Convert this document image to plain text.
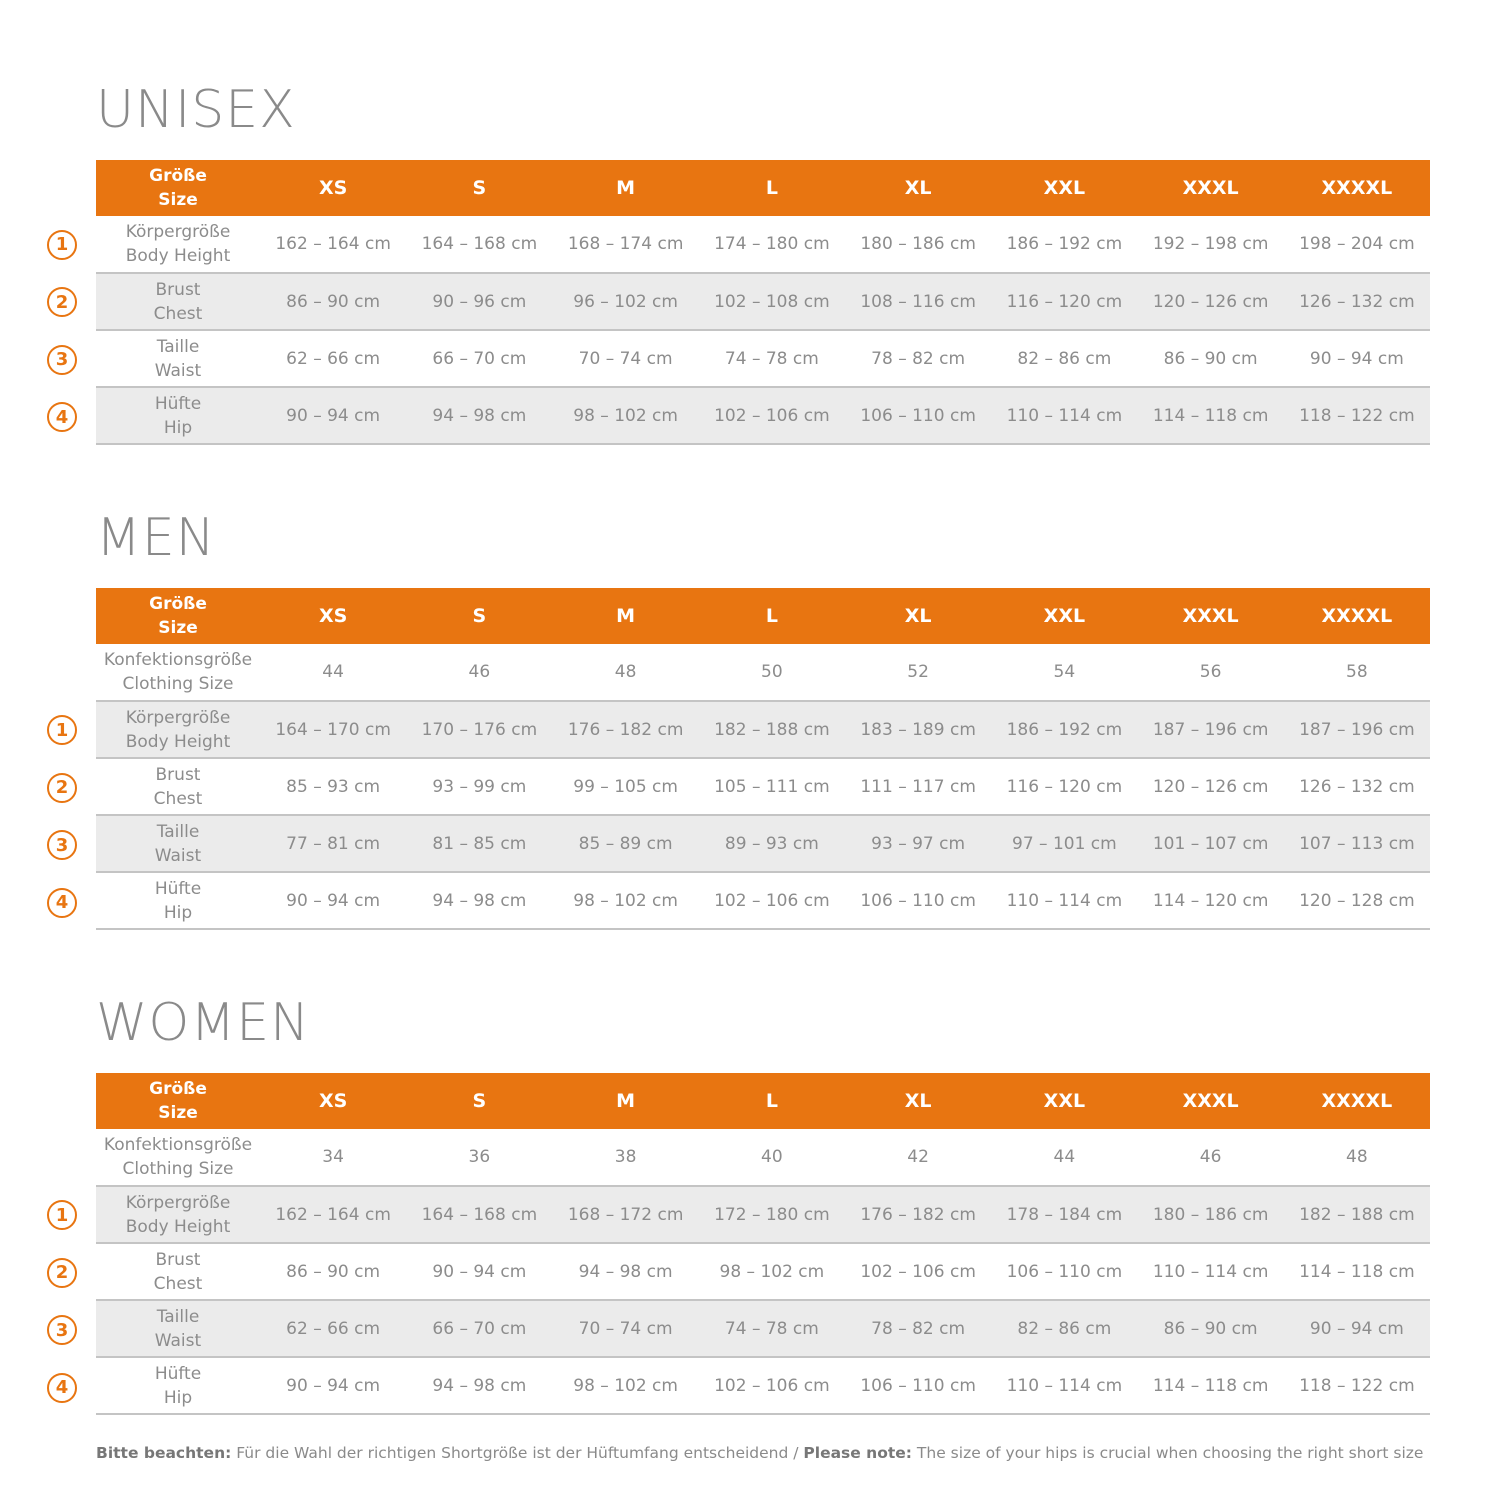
UNISEX
1
2
3
4
Größe
Size	XS	S	M	L	XL	XXL	XXXL	XXXXL

Körpergröße
Body Height	162 – 164 cm	164 – 168 cm	168 – 174 cm	174 – 180 cm	180 – 186 cm	186 – 192 cm	192 – 198 cm	198 – 204 cm

Brust
Chest	86 – 90 cm	90 – 96 cm	96 – 102 cm	102 – 108 cm	108 – 116 cm	116 – 120 cm	120 – 126 cm	126 – 132 cm

Taille
Waist	62 – 66 cm	66 – 70 cm	70 – 74 cm	74 – 78 cm	78 – 82 cm	82 – 86 cm	86 – 90 cm	90 – 94 cm

Hüfte
Hip	90 – 94 cm	94 – 98 cm	98 – 102 cm	102 – 106 cm	106 – 110 cm	110 – 114 cm	114 – 118 cm	118 – 122 cm
MEN
1
2
3
4
Größe
Size	XS	S	M	L	XL	XXL	XXXL	XXXXL

Konfektionsgröße
Clothing Size	44	46	48	50	52	54	56	58

Körpergröße
Body Height	164 – 170 cm	170 – 176 cm	176 – 182 cm	182 – 188 cm	183 – 189 cm	186 – 192 cm	187 – 196 cm	187 – 196 cm

Brust
Chest	85 – 93 cm	93 – 99 cm	99 – 105 cm	105 – 111 cm	111 – 117 cm	116 – 120 cm	120 – 126 cm	126 – 132 cm

Taille
Waist	77 – 81 cm	81 – 85 cm	85 – 89 cm	89 – 93 cm	93 – 97 cm	97 – 101 cm	101 – 107 cm	107 – 113 cm

Hüfte
Hip	90 – 94 cm	94 – 98 cm	98 – 102 cm	102 – 106 cm	106 – 110 cm	110 – 114 cm	114 – 120 cm	120 – 128 cm
WOMEN
1
2
3
4
Größe
Size	XS	S	M	L	XL	XXL	XXXL	XXXXL

Konfektionsgröße
Clothing Size	34	36	38	40	42	44	46	48

Körpergröße
Body Height	162 – 164 cm	164 – 168 cm	168 – 172 cm	172 – 180 cm	176 – 182 cm	178 – 184 cm	180 – 186 cm	182 – 188 cm

Brust
Chest	86 – 90 cm	90 – 94 cm	94 – 98 cm	98 – 102 cm	102 – 106 cm	106 – 110 cm	110 – 114 cm	114 – 118 cm

Taille
Waist	62 – 66 cm	66 – 70 cm	70 – 74 cm	74 – 78 cm	78 – 82 cm	82 – 86 cm	86 – 90 cm	90 – 94 cm

Hüfte
Hip	90 – 94 cm	94 – 98 cm	98 – 102 cm	102 – 106 cm	106 – 110 cm	110 – 114 cm	114 – 118 cm	118 – 122 cm
Bitte beachten: Für die Wahl der richtigen Shortgröße ist der Hüftumfang entscheidend / Please note: The size of your hips is crucial when choosing the right short size
